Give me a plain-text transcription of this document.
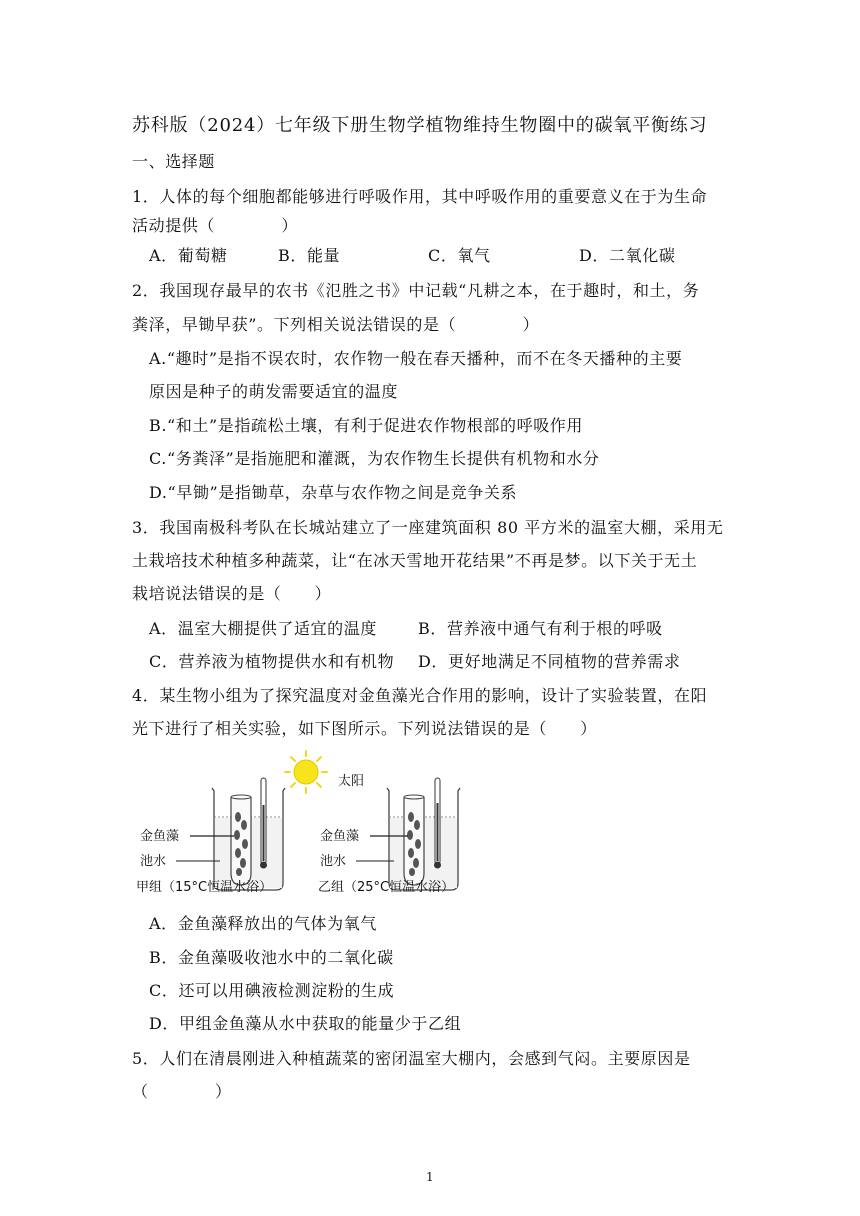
苏科版（2024）七年级下册生物学植物维持生物圈中的碳氧平衡练习
一、选择题
1．人体的每个细胞都能够进行呼吸作用，其中呼吸作用的重要意义在于为生命
活动提供（　　　　）
A．葡萄糖	B．能量	C．氧气	D．二氧化碳
2．我国现存最早的农书《氾胜之书》中记载“凡耕之本，在于趣时，和土，务
粪泽，早锄早获”。下列相关说法错误的是（　　　　）
A.“趣时”是指不误农时，农作物一般在春天播种，而不在冬天播种的主要
原因是种子的萌发需要适宜的温度
B.“和土”是指疏松土壤，有利于促进农作物根部的呼吸作用
C.“务粪泽”是指施肥和灌溉，为农作物生长提供有机物和水分
D.“早锄”是指锄草，杂草与农作物之间是竞争关系
3．我国南极科考队在长城站建立了一座建筑面积 80 平方米的温室大棚，采用无
土栽培技术种植多种蔬菜，让“在冰天雪地开花结果”不再是梦。以下关于无土
栽培说法错误的是（　　）
A．温室大棚提供了适宜的温度	B．营养液中通气有利于根的呼吸
C．营养液为植物提供水和有机物 D．更好地满足不同植物的营养需求
4．某生物小组为了探究温度对金鱼藻光合作用的影响，设计了实验装置，在阳
光下进行了相关实验，如下图所示。下列说法错误的是（　　）
太阳
金鱼藻
池水
甲组（15°C恒温水浴）
金鱼藻
池水
乙组（25°C恒温水浴）
A．金鱼藻释放出的气体为氧气
B．金鱼藻吸收池水中的二氧化碳
C．还可以用碘液检测淀粉的生成
D．甲组金鱼藻从水中获取的能量少于乙组
5．人们在清晨刚进入种植蔬菜的密闭温室大棚内，会感到气闷。主要原因是
（　　　　）
1
